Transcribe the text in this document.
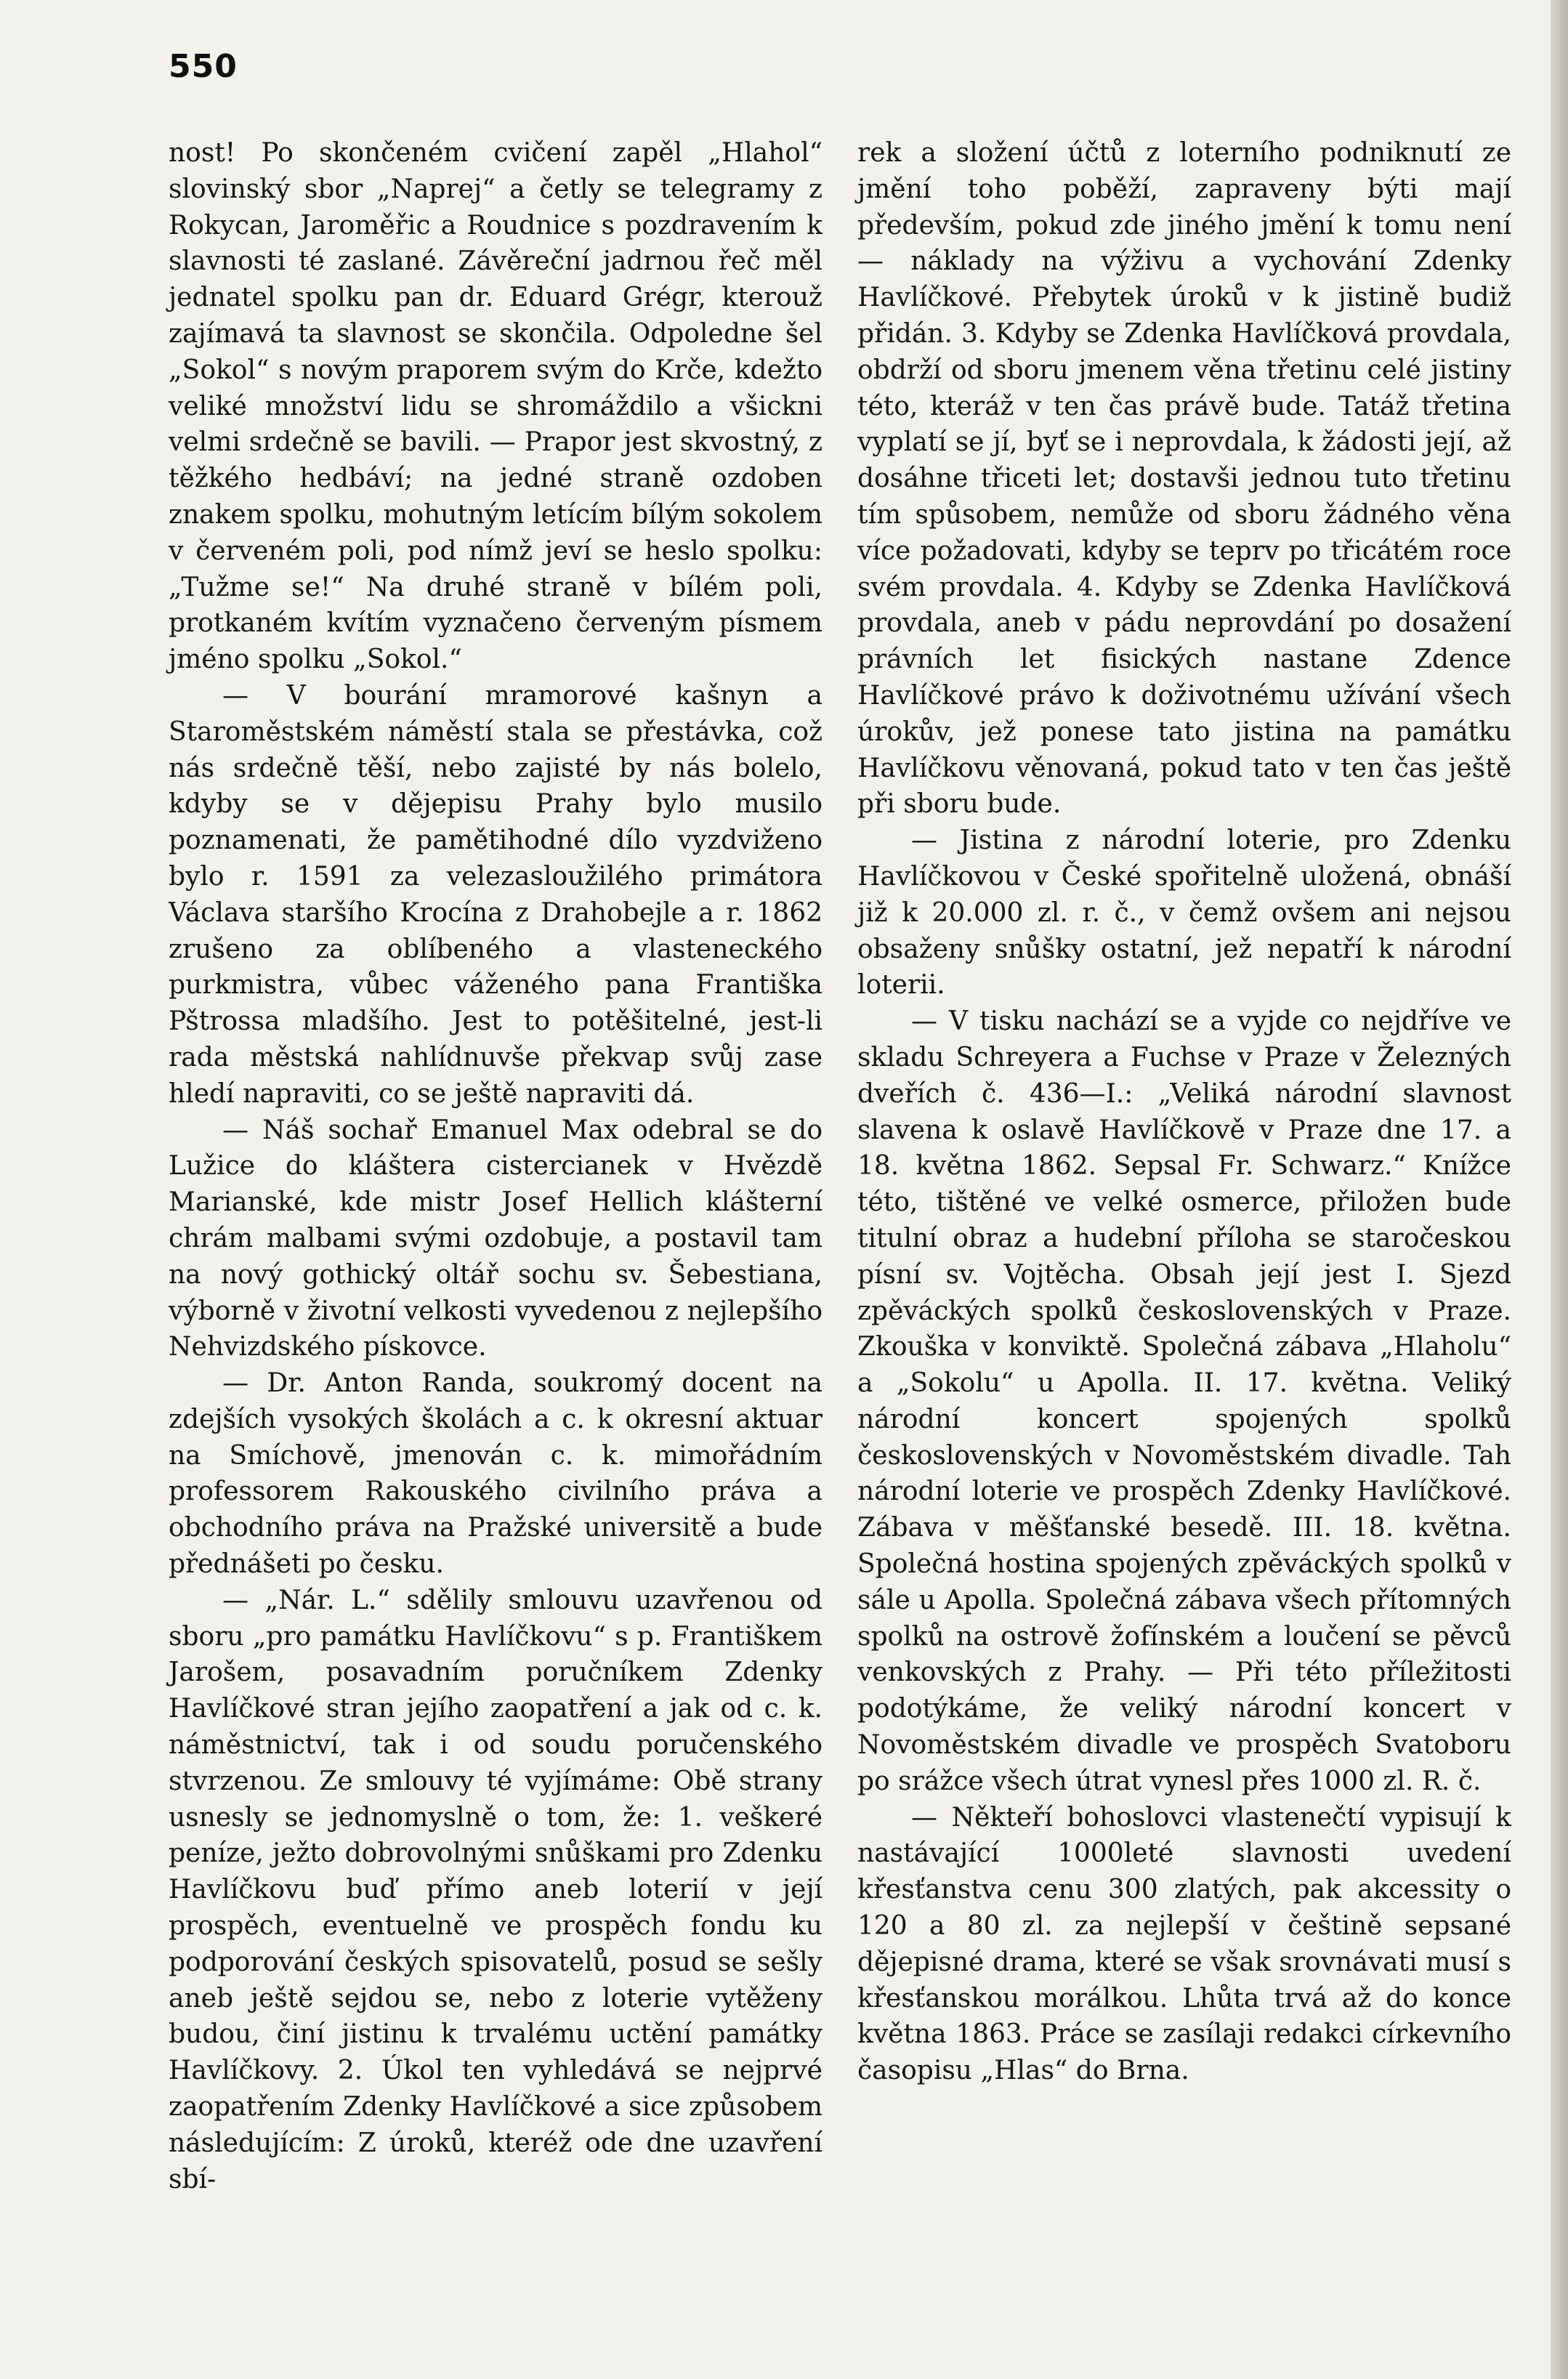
550

nost! Po skončeném cvičení zapěl „Hlahol“ slovinský sbor „Naprej“ a četly se telegramy z Rokycan, Jaroměřic a Roudnice s pozdravením k slavnosti té zaslané. Závěreční jadrnou řeč měl jednatel spolku pan dr. Eduard Grégr, kterouž zajímavá ta slavnost se skončila. Odpoledne šel „Sokol“ s novým praporem svým do Krče, kdežto veliké množství lidu se shromáždilo a všickni velmi srdečně se bavili. — Prapor jest skvostný, z těžkého hedbáví; na jedné straně ozdoben znakem spolku, mohutným letícím bílým sokolem v červeném poli, pod nímž jeví se heslo spolku: „Tužme se!“ Na druhé straně v bílém poli, protkaném kvítím vyznačeno červeným písmem jméno spolku „Sokol.“

— V bourání mramorové kašnyn a Staroměstském náměstí stala se přestávka, což nás srdečně těší, nebo zajisté by nás bolelo, kdyby se v dějepisu Prahy bylo musilo poznamenati, že pamětihodné dílo vyzdviženo bylo r. 1591 za velezasloužilého primátora Václava staršího Krocína z Drahobejle a r. 1862 zrušeno za oblíbeného a vlasteneckého purkmistra, vůbec váženého pana Františka Pštrossa mladšího. Jest to potěšitelné, jest-li rada městská nahlídnuvše překvap svůj zase hledí napraviti, co se ještě napraviti dá.

— Náš sochař Emanuel Max odebral se do Lužice do kláštera cistercianek v Hvězdě Marianské, kde mistr Josef Hellich klášterní chrám malbami svými ozdobuje, a postavil tam na nový gothický oltář sochu sv. Šebestiana, výborně v životní velkosti vyvedenou z nejlepšího Nehvizdského pískovce.

— Dr. Anton Randa, soukromý docent na zdejších vysokých školách a c. k okresní aktuar na Smíchově, jmenován c. k. mimořádním professorem Rakouského civilního práva a obchodního práva na Pražské universitě a bude přednášeti po česku.

— „Nár. L.“ sdělily smlouvu uzavřenou od sboru „pro památku Havlíčkovu“ s p. Františkem Jarošem, posavadním poručníkem Zdenky Havlíčkové stran jejího zaopatření a jak od c. k. náměstnictví, tak i od soudu poručenského stvrzenou. Ze smlouvy té vyjímáme: Obě strany usnesly se jednomyslně o tom, že: 1. veškeré peníze, ježto dobrovolnými snůškami pro Zdenku Havlíčkovu buď přímo aneb loterií v její prospěch, eventuelně ve prospěch fondu ku podporování českých spisovatelů, posud se sešly aneb ještě sejdou se, nebo z loterie vytěženy budou, činí jistinu k trvalému uctění památky Havlíčkovy. 2. Úkol ten vyhledává se nejprvé zaopatřením Zdenky Havlíčkové a sice způsobem následujícím: Z úroků, kteréž ode dne uzavření sbí-

rek a složení účtů z loterního podniknutí ze jmění toho poběží, zapraveny býti mají především, pokud zde jiného jmění k tomu není — náklady na výživu a vychování Zdenky Havlíčkové. Přebytek úroků v k jistině budiž přidán. 3. Kdyby se Zdenka Havlíčková provdala, obdrží od sboru jmenem věna třetinu celé jistiny této, kteráž v ten čas právě bude. Tatáž třetina vyplatí se jí, byť se i neprovdala, k žádosti její, až dosáhne třiceti let; dostavši jednou tuto třetinu tím spůsobem, nemůže od sboru žádného věna více požadovati, kdyby se teprv po třicátém roce svém provdala. 4. Kdyby se Zdenka Havlíčková provdala, aneb v pádu neprovdání po dosažení právních let fisických nastane Zdence Havlíčkové právo k doživotnému užívání všech úrokův, jež ponese tato jistina na památku Havlíčkovu věnovaná, pokud tato v ten čas ještě při sboru bude.

— Jistina z národní loterie, pro Zdenku Havlíčkovou v České spořitelně uložená, obnáší již k 20.000 zl. r. č., v čemž ovšem ani nejsou obsaženy snůšky ostatní, jež nepatří k národní loterii.

— V tisku nachází se a vyjde co nejdříve ve skladu Schreyera a Fuchse v Praze v Železných dveřích č. 436—I.: „Veliká národní slavnost slavena k oslavě Havlíčkově v Praze dne 17. a 18. května 1862. Sepsal Fr. Schwarz.“ Knížce této, tištěné ve velké osmerce, přiložen bude titulní obraz a hudební příloha se staročeskou písní sv. Vojtěcha. Obsah její jest I. Sjezd zpěváckých spolků československých v Praze. Zkouška v konviktě. Společná zábava „Hlaholu“ a „Sokolu“ u Apolla. II. 17. května. Veliký národní koncert spojených spolků československých v Novoměstském divadle. Tah národní loterie ve prospěch Zdenky Havlíčkové. Zábava v měšťanské besedě. III. 18. května. Společná hostina spojených zpěváckých spolků v sále u Apolla. Společná zábava všech přítomných spolků na ostrově žofínském a loučení se pěvců venkovských z Prahy. — Při této příležitosti podotýkáme, že veliký národní koncert v Novoměstském divadle ve prospěch Svatoboru po srážce všech útrat vynesl přes 1000 zl. R. č.

— Někteří bohoslovci vlastenečtí vypisují k nastávající 1000leté slavnosti uvedení křesťanstva cenu 300 zlatých, pak akcessity o 120 a 80 zl. za nejlepší v češtině sepsané dějepisné drama, které se však srovnávati musí s křesťanskou morálkou. Lhůta trvá až do konce května 1863. Práce se zasílaji redakci církevního časopisu „Hlas“ do Brna.
